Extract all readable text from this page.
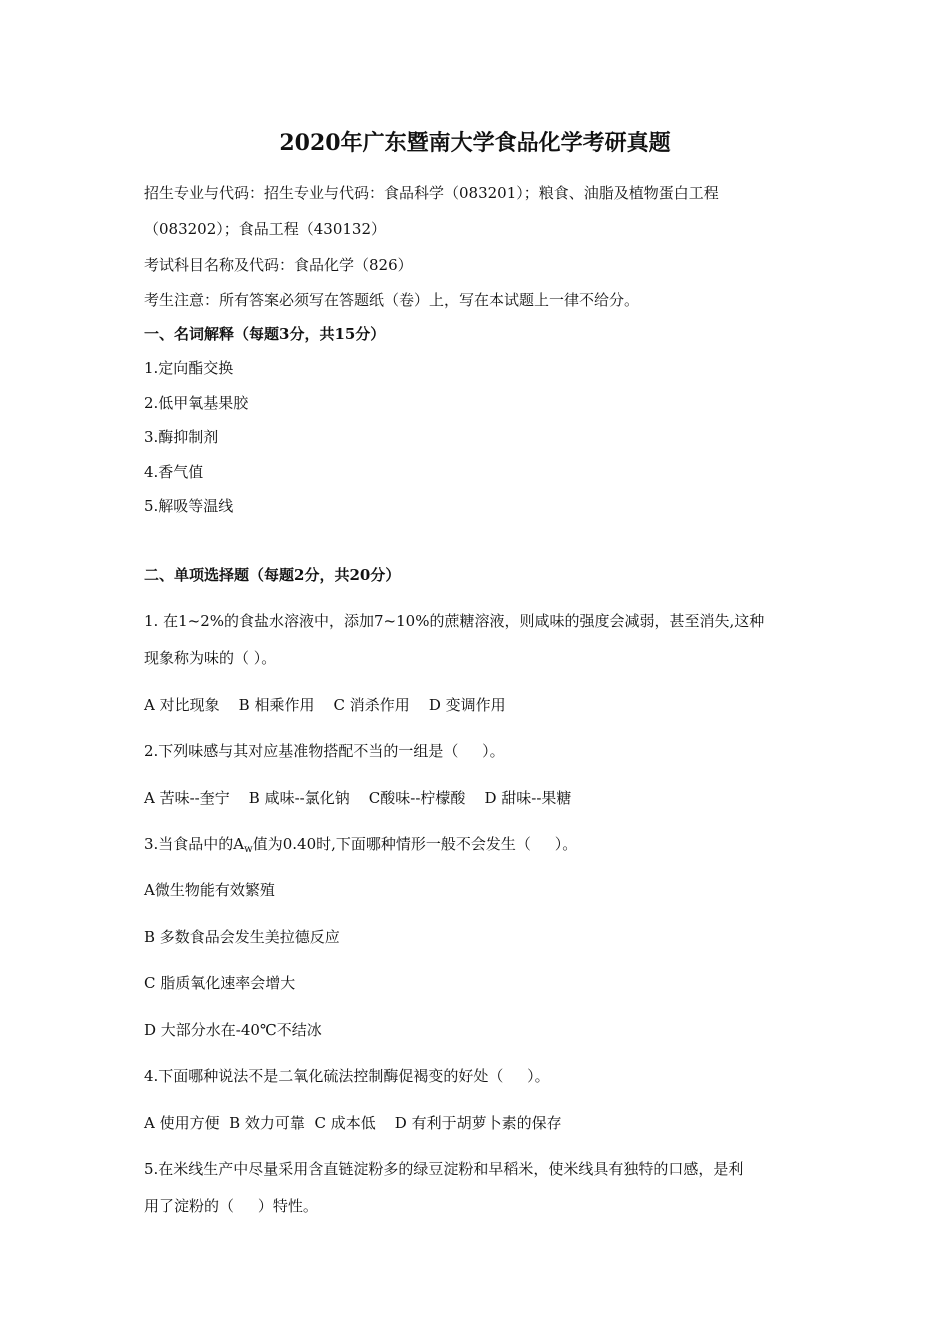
2020年广东暨南大学食品化学考研真题
招生专业与代码：招生专业与代码：食品科学（083201）；粮食、油脂及植物蛋白工程
（083202）；食品工程（430132）
考试科目名称及代码：食品化学（826）
考生注意：所有答案必须写在答题纸（卷）上，写在本试题上一律不给分。
一、名词解释（每题3分，共15分）
1.定向酯交换
2.低甲氧基果胶
3.酶抑制剂
4.香气值
5.解吸等温线
二、单项选择题（每题2分，共20分）
1. 在1~2%的食盐水溶液中，添加7~10%的蔗糖溶液，则咸味的强度会减弱，甚至消失,这种
现象称为味的（ ）。
A 对比现象    B 相乘作用    C 消杀作用    D 变调作用
2.下列味感与其对应基准物搭配不当的一组是（     ）。
A 苦味--奎宁    B 咸味--氯化钠    C酸味--柠檬酸    D 甜味--果糖
3.当食品中的$A_w$值为0.40时,下面哪种情形一般不会发生（     ）。
A微生物能有效繁殖
B 多数食品会发生美拉德反应
C 脂质氧化速率会增大
D 大部分水在-40℃不结冰
4.下面哪种说法不是二氧化硫法控制酶促褐变的好处（     ）。
A 使用方便  B 效力可靠  C 成本低    D 有利于胡萝卜素的保存
5.在米线生产中尽量采用含直链淀粉多的绿豆淀粉和早稻米，使米线具有独特的口感，是利
用了淀粉的（     ）特性。
